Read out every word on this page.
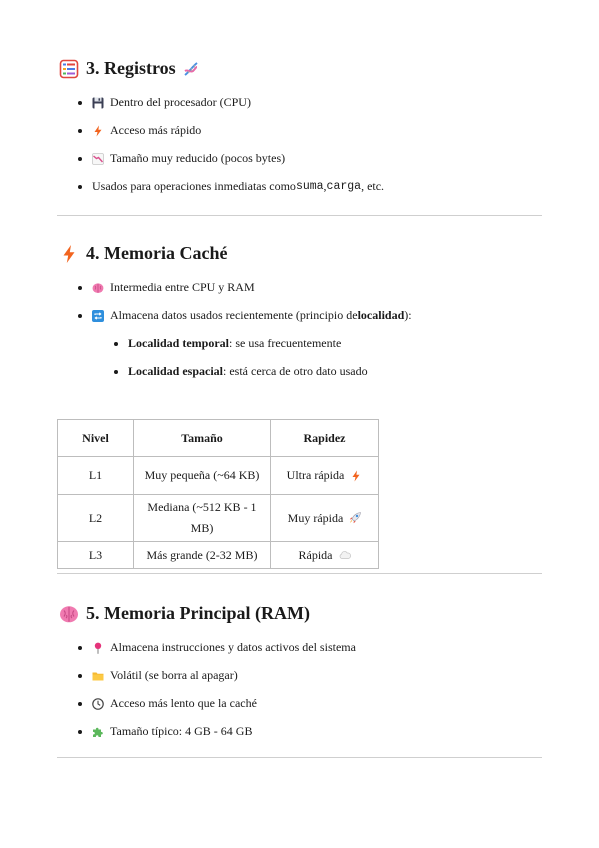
3. Registros
Dentro del procesador (CPU)
Acceso más rápido
Tamaño muy reducido (pocos bytes)
Usados para operaciones inmediatas como suma , carga , etc.
4. Memoria Caché
Intermedia entre CPU y RAM
Almacena datos usados recientemente (principio de localidad ):
Localidad temporal : se usa frecuentemente
Localidad espacial : está cerca de otro dato usado
Nivel	Tamaño	Rapidez
L1	Muy pequeña (~64 KB)	Ultra rápida

L2	Mediana (~512 KB - 1 MB)	Muy rápida

L3	Más grande (2-32 MB)	Rápida
5. Memoria Principal (RAM)
Almacena instrucciones y datos activos del sistema
Volátil (se borra al apagar)
Acceso más lento que la caché
Tamaño típico: 4 GB - 64 GB
